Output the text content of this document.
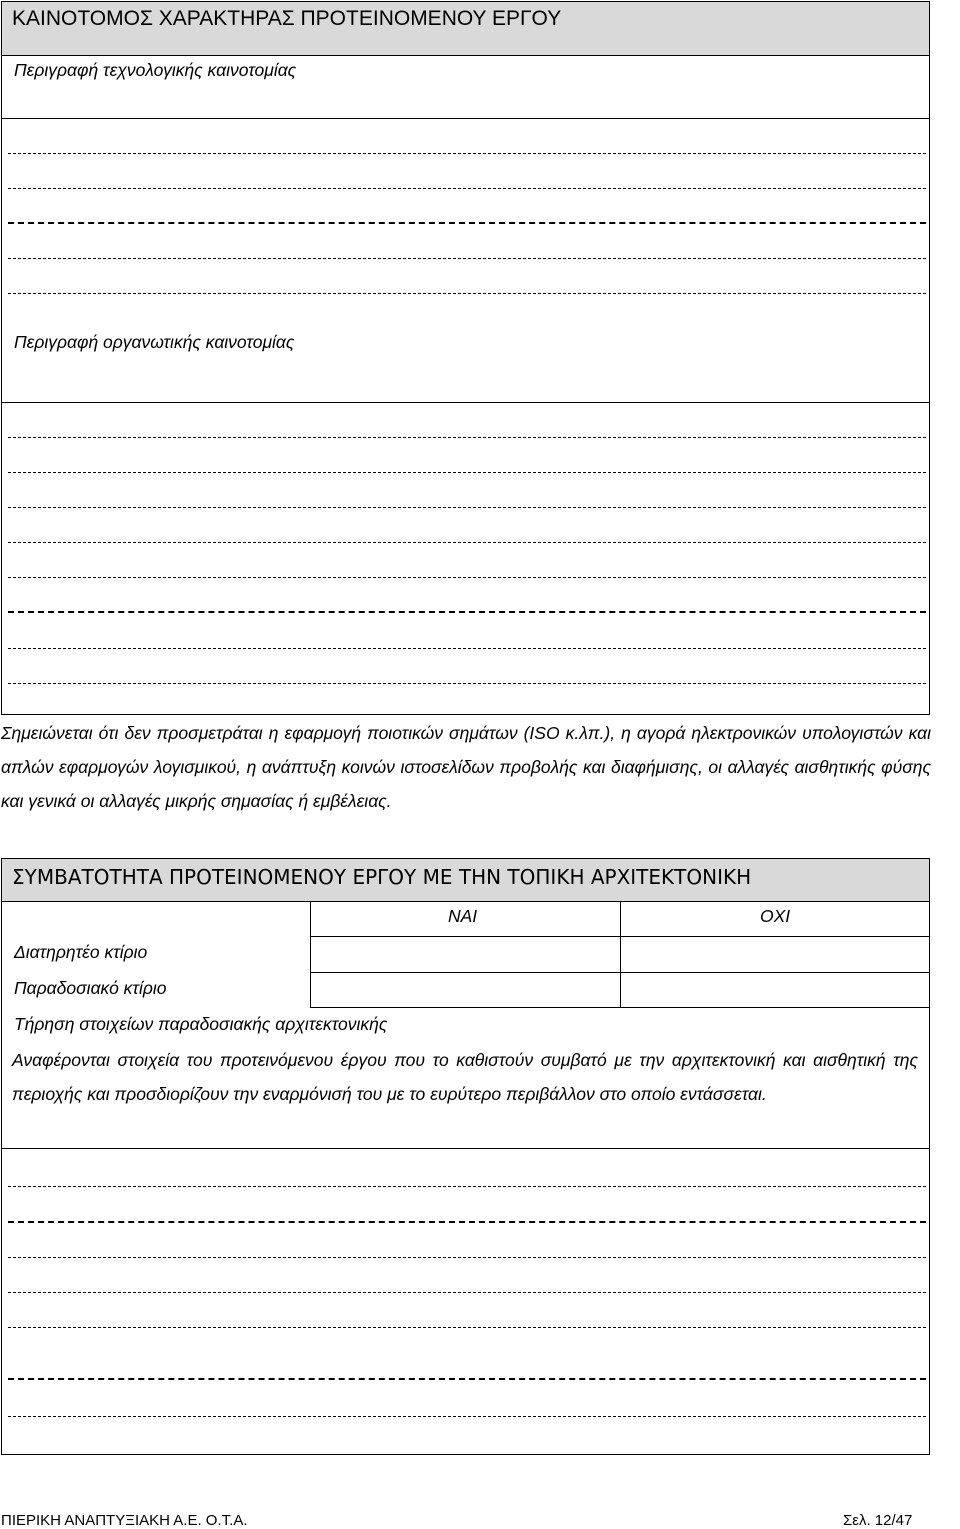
ΚΑΙΝΟΤΟΜΟΣ ΧΑΡΑΚΤΗΡΑΣ ΠΡΟΤΕΙΝΟΜΕΝΟΥ ΕΡΓΟΥ
Περιγραφή τεχνολογικής καινοτομίας
Περιγραφή οργανωτικής καινοτομίας
Σημειώνεται ότι δεν προσμετράται η εφαρμογή ποιοτικών σημάτων (ISO κ.λπ.), η αγορά ηλεκτρονικών υπολογιστών και απλών εφαρμογών λογισμικού, η ανάπτυξη κοινών ιστοσελίδων προβολής και διαφήμισης, οι αλλαγές αισθητικής φύσης και γενικά οι αλλαγές μικρής σημασίας ή εμβέλειας.
ΣΥΜΒΑΤΟΤΗΤΑ ΠΡΟΤΕΙΝΟΜΕΝΟΥ ΕΡΓΟΥ ΜΕ ΤΗΝ ΤΟΠΙΚΗ ΑΡΧΙΤΕΚΤΟΝΙΚΗ
ΝΑΙ	ΟΧΙ
Διατηρητέο κτίριο
Παραδοσιακό κτίριο
Τήρηση στοιχείων παραδοσιακής αρχιτεκτονικής
Αναφέρονται στοιχεία του προτεινόμενου έργου που το καθιστούν συμβατό με την αρχιτεκτονική και αισθητική της περιοχής και προσδιορίζουν την εναρμόνισή του με το ευρύτερο περιβάλλον στο οποίο εντάσσεται.
ΠΙΕΡΙΚΗ ΑΝΑΠΤΥΞΙΑΚΗ Α.Ε. Ο.Τ.Α.	Σελ. 12/47
